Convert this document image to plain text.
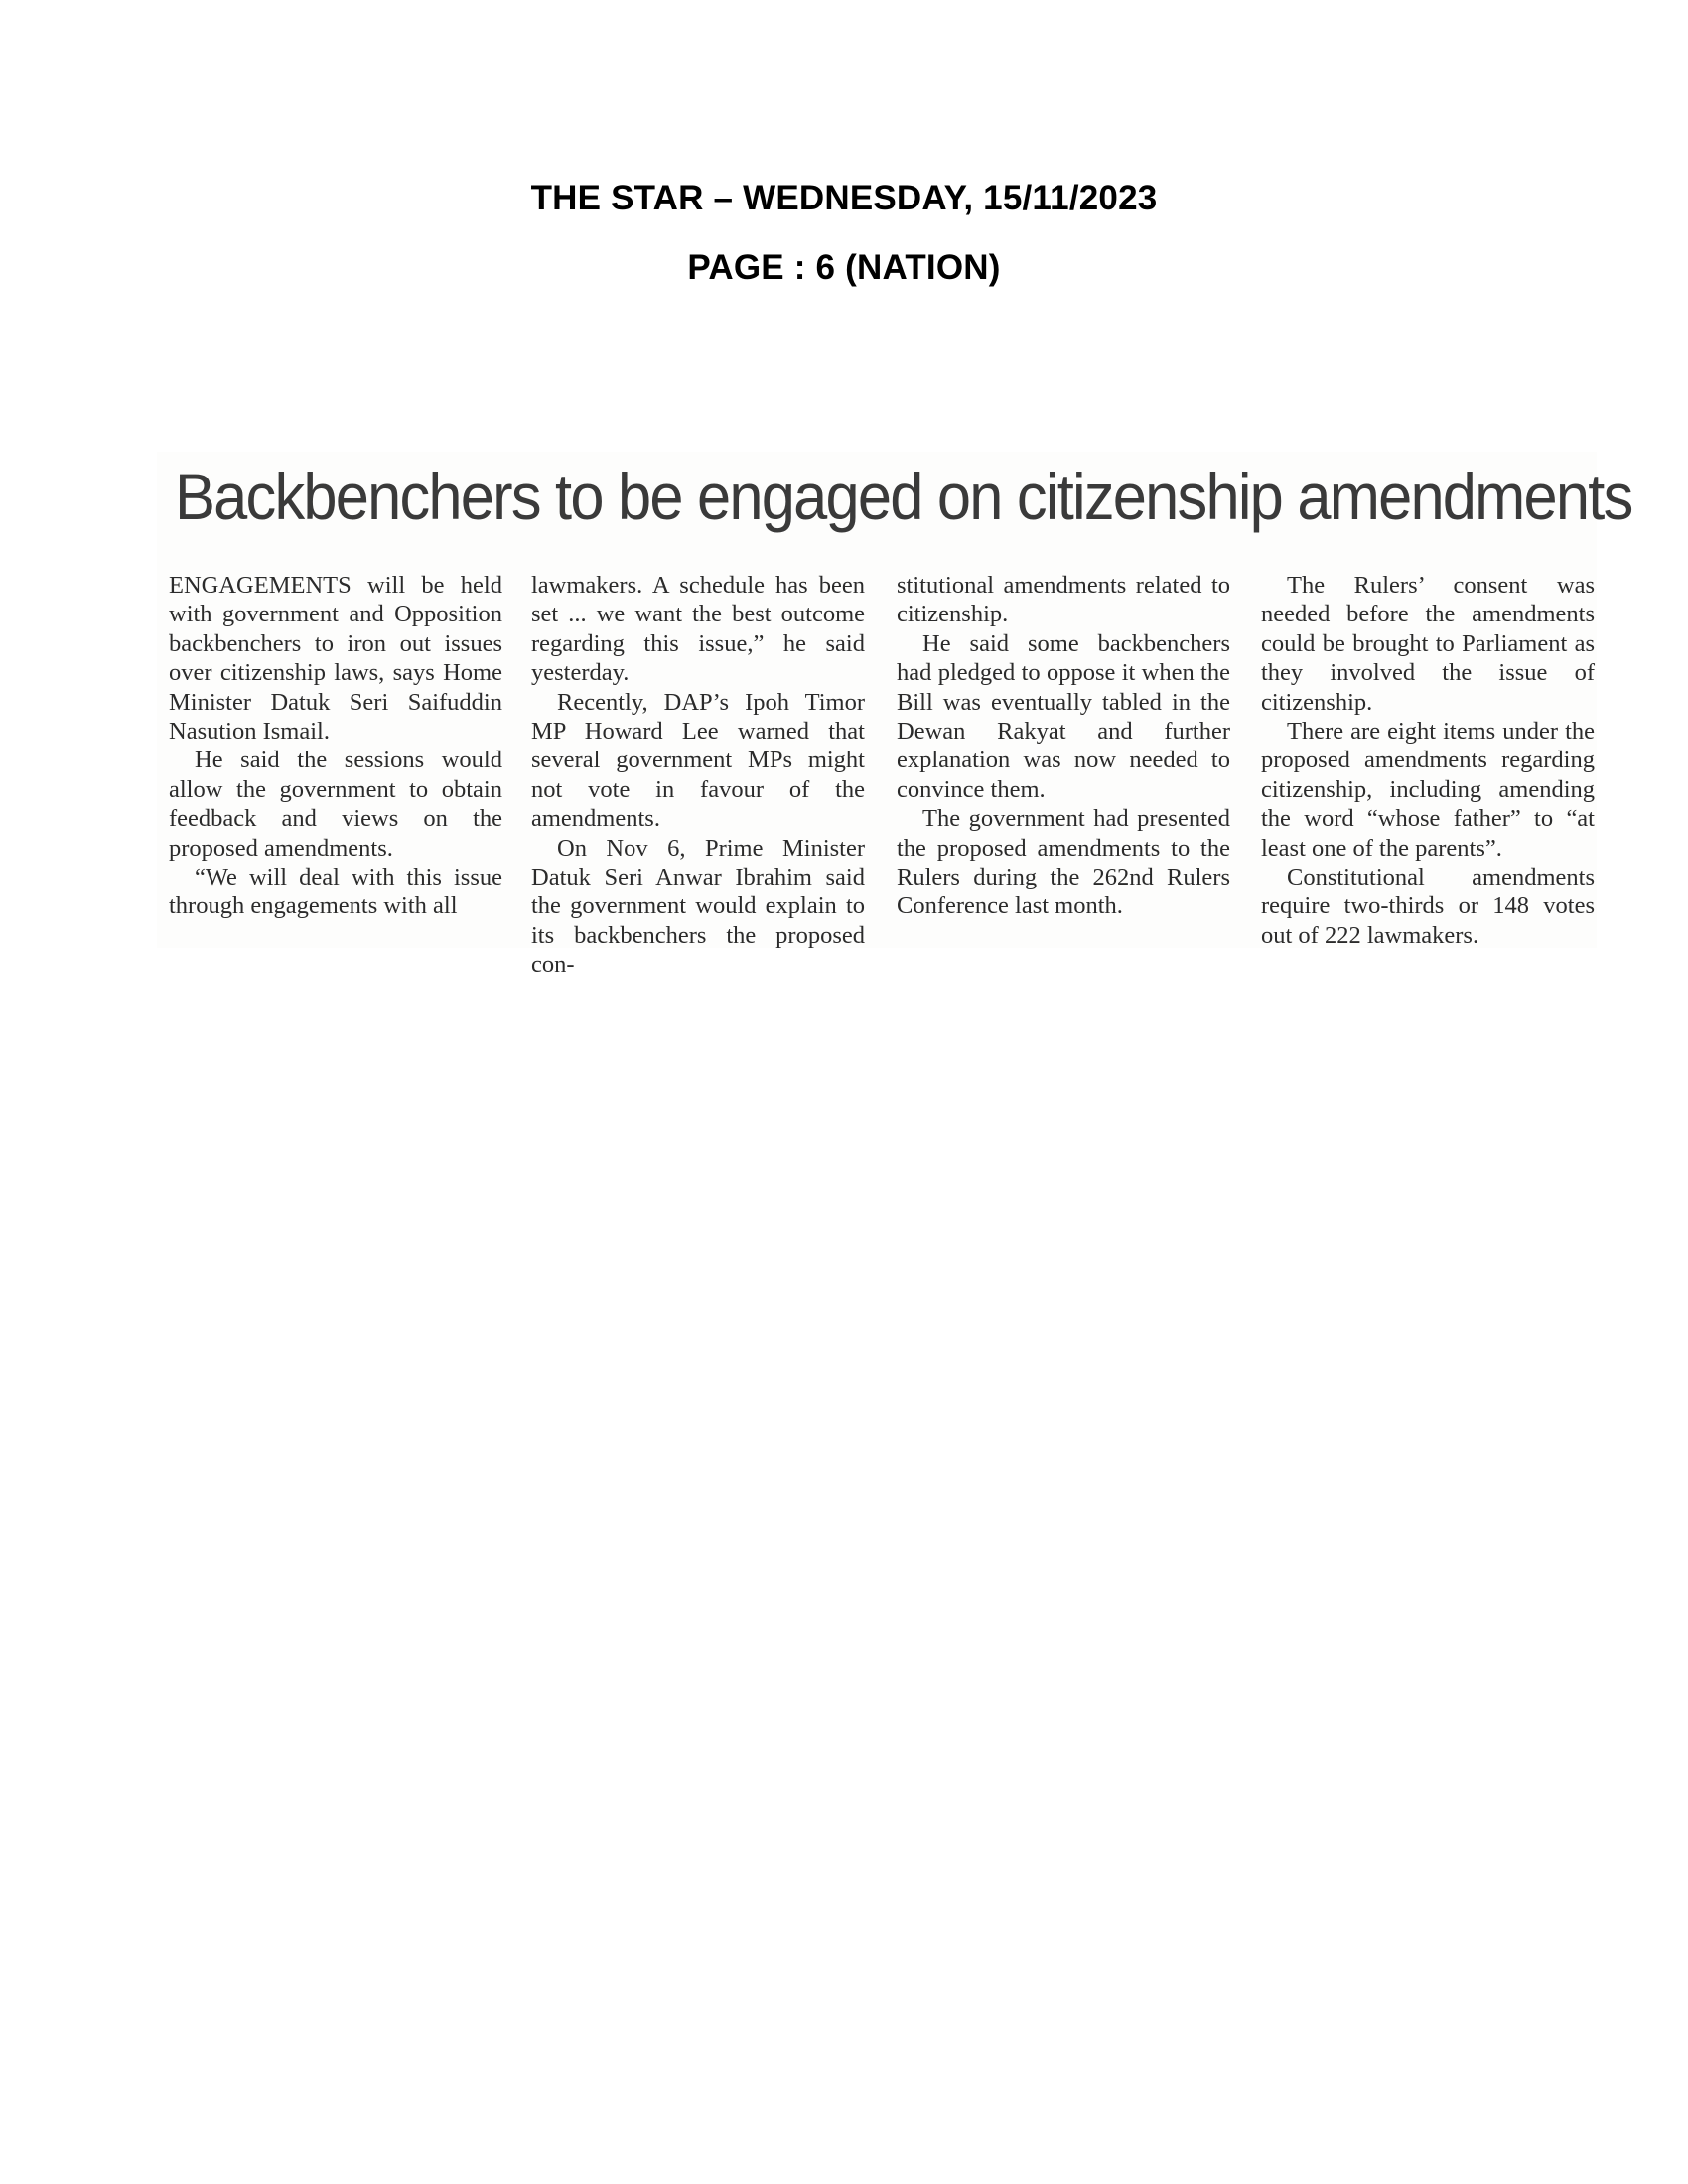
THE STAR – WEDNESDAY, 15/11/2023
PAGE : 6 (NATION)
Backbenchers to be engaged on citizenship amendments

ENGAGEMENTS will be held with government and Opposition backbenchers to iron out issues over citizenship laws, says Home Minister Datuk Seri Saifuddin Nasution Ismail.

He said the sessions would allow the government to obtain feedback and views on the proposed amendments.

“We will deal with this issue through engagements with all

lawmakers. A schedule has been set ... we want the best outcome regarding this issue,” he said yesterday.

Recently, DAP’s Ipoh Timor MP Howard Lee warned that several government MPs might not vote in favour of the amendments.

On Nov 6, Prime Minister Datuk Seri Anwar Ibrahim said the government would explain to its backbenchers the proposed con-

stitutional amendments related to citizenship.

He said some backbenchers had pledged to oppose it when the Bill was eventually tabled in the Dewan Rakyat and further explanation was now needed to convince them.

The government had presented the proposed amendments to the Rulers during the 262nd Rulers Conference last month.

The Rulers’ consent was needed before the amendments could be brought to Parliament as they involved the issue of citizenship.

There are eight items under the proposed amendments regarding citizenship, including amending the word “whose father” to “at least one of the parents”.

Constitutional amendments require two-thirds or 148 votes out of 222 lawmakers.
